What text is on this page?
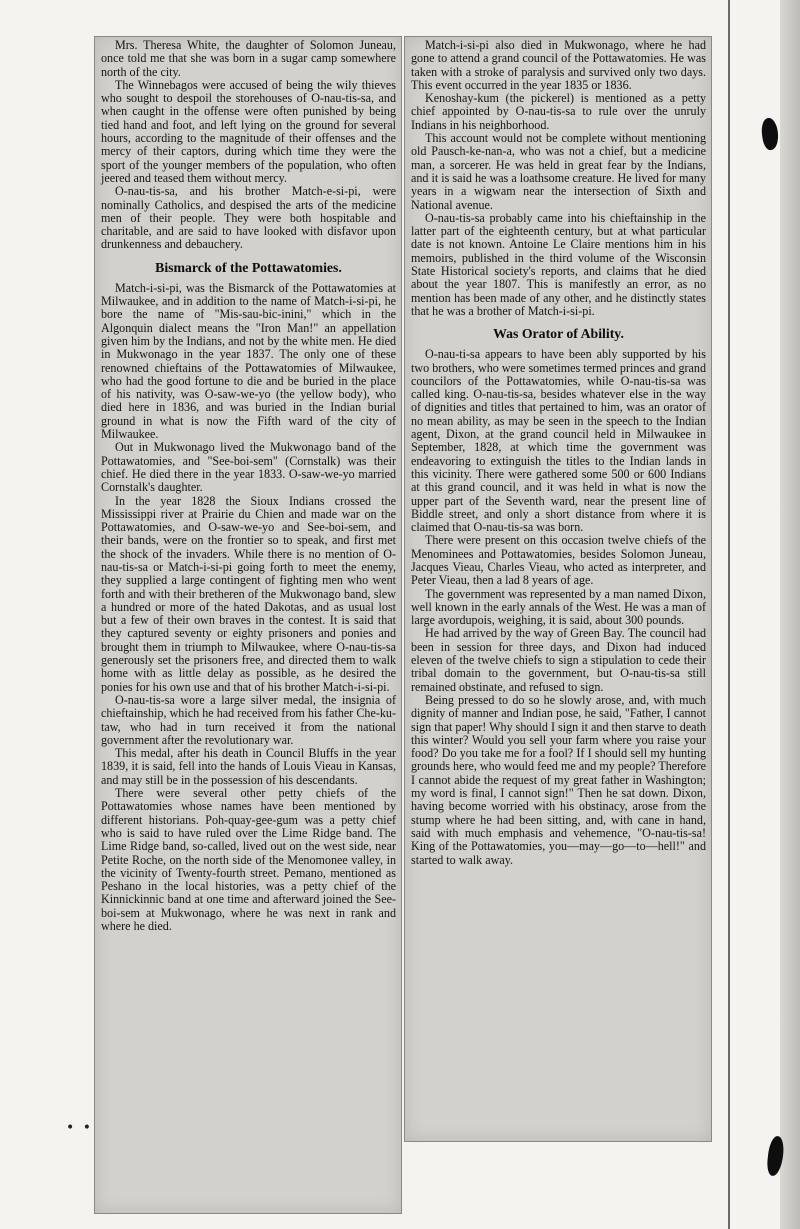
• •

Mrs. Theresa White, the daughter of Solomon Juneau, once told me that she was born in a sugar camp somewhere north of the city.

The Winnebagos were accused of being the wily thieves who sought to despoil the storehouses of O-nau-tis-sa, and when caught in the offense were often punished by being tied hand and foot, and left lying on the ground for several hours, according to the magnitude of their offenses and the mercy of their captors, during which time they were the sport of the younger members of the population, who often jeered and teased them without mercy.

O-nau-tis-sa, and his brother Match-e-si-pi, were nominally Catholics, and despised the arts of the medicine men of their people. They were both hospitable and charitable, and are said to have looked with disfavor upon drunkenness and debauchery.

Bismarck of the Pottawatomies.

Match-i-si-pi, was the Bismarck of the Pottawatomies at Milwaukee, and in addition to the name of Match-i-si-pi, he bore the name of "Mis-sau-bic-inini," which in the Algonquin dialect means the "Iron Man!" an appellation given him by the Indians, and not by the white men. He died in Mukwonago in the year 1837. The only one of these renowned chieftains of the Pottawatomies of Milwaukee, who had the good fortune to die and be buried in the place of his nativity, was O-saw-we-yo (the yellow body), who died here in 1836, and was buried in the Indian burial ground in what is now the Fifth ward of the city of Milwaukee.

Out in Mukwonago lived the Mukwonago band of the Pottawatomies, and "See-boi-sem" (Cornstalk) was their chief. He died there in the year 1833. O-saw-we-yo married Cornstalk's daughter.

In the year 1828 the Sioux Indians crossed the Mississippi river at Prairie du Chien and made war on the Pottawatomies, and O-saw-we-yo and See-boi-sem, and their bands, were on the frontier so to speak, and first met the shock of the invaders. While there is no mention of O-nau-tis-sa or Match-i-si-pi going forth to meet the enemy, they supplied a large contingent of fighting men who went forth and with their bretheren of the Mukwonago band, slew a hundred or more of the hated Dakotas, and as usual lost but a few of their own braves in the contest. It is said that they captured seventy or eighty prisoners and ponies and brought them in triumph to Milwaukee, where O-nau-tis-sa generously set the prisoners free, and directed them to walk home with as little delay as possible, as he desired the ponies for his own use and that of his brother Match-i-si-pi.

O-nau-tis-sa wore a large silver medal, the insignia of chieftainship, which he had received from his father Che-ku-taw, who had in turn received it from the national government after the revolutionary war.

This medal, after his death in Council Bluffs in the year 1839, it is said, fell into the hands of Louis Vieau in Kansas, and may still be in the possession of his descendants.

There were several other petty chiefs of the Pottawatomies whose names have been mentioned by different historians. Poh-quay-gee-gum was a petty chief who is said to have ruled over the Lime Ridge band. The Lime Ridge band, so-called, lived out on the west side, near Petite Roche, on the north side of the Menomonee valley, in the vicinity of Twenty-fourth street. Pemano, mentioned as Peshano in the local histories, was a petty chief of the Kinnickinnic band at one time and afterward joined the See-boi-sem at Mukwonago, where he was next in rank and where he died.

Match-i-si-pi also died in Mukwonago, where he had gone to attend a grand council of the Pottawatomies. He was taken with a stroke of paralysis and survived only two days. This event occurred in the year 1835 or 1836.

Kenoshay-kum (the pickerel) is mentioned as a petty chief appointed by O-nau-tis-sa to rule over the unruly Indians in his neighborhood.

This account would not be complete without mentioning old Pausch-ke-nan-a, who was not a chief, but a medicine man, a sorcerer. He was held in great fear by the Indians, and it is said he was a loathsome creature. He lived for many years in a wigwam near the intersection of Sixth and National avenue.

O-nau-tis-sa probably came into his chieftainship in the latter part of the eighteenth century, but at what particular date is not known. Antoine Le Claire mentions him in his memoirs, published in the third volume of the Wisconsin State Historical society's reports, and claims that he died about the year 1807. This is manifestly an error, as no mention has been made of any other, and he distinctly states that he was a brother of Match-i-si-pi.

Was Orator of Ability.

O-nau-ti-sa appears to have been ably supported by his two brothers, who were sometimes termed princes and grand councilors of the Pottawatomies, while O-nau-tis-sa was called king. O-nau-tis-sa, besides whatever else in the way of dignities and titles that pertained to him, was an orator of no mean ability, as may be seen in the speech to the Indian agent, Dixon, at the grand council held in Milwaukee in September, 1828, at which time the government was endeavoring to extinguish the titles to the Indian lands in this vicinity. There were gathered some 500 or 600 Indians at this grand council, and it was held in what is now the upper part of the Seventh ward, near the present line of Biddle street, and only a short distance from where it is claimed that O-nau-tis-sa was born.

There were present on this occasion twelve chiefs of the Menominees and Pottawatomies, besides Solomon Juneau, Jacques Vieau, Charles Vieau, who acted as interpreter, and Peter Vieau, then a lad 8 years of age.

The government was represented by a man named Dixon, well known in the early annals of the West. He was a man of large avordupois, weighing, it is said, about 300 pounds.

He had arrived by the way of Green Bay. The council had been in session for three days, and Dixon had induced eleven of the twelve chiefs to sign a stipulation to cede their tribal domain to the government, but O-nau-tis-sa still remained obstinate, and refused to sign.

Being pressed to do so he slowly arose, and, with much dignity of manner and Indian pose, he said, "Father, I cannot sign that paper! Why should I sign it and then starve to death this winter? Would you sell your farm where you raise your food? Do you take me for a fool? If I should sell my hunting grounds here, who would feed me and my people? Therefore I cannot abide the request of my great father in Washington; my word is final, I cannot sign!" Then he sat down. Dixon, having become worried with his obstinacy, arose from the stump where he had been sitting, and, with cane in hand, said with much emphasis and vehemence, "O-nau-tis-sa! King of the Pottawatomies, you—may—go—to—hell!" and started to walk away.
